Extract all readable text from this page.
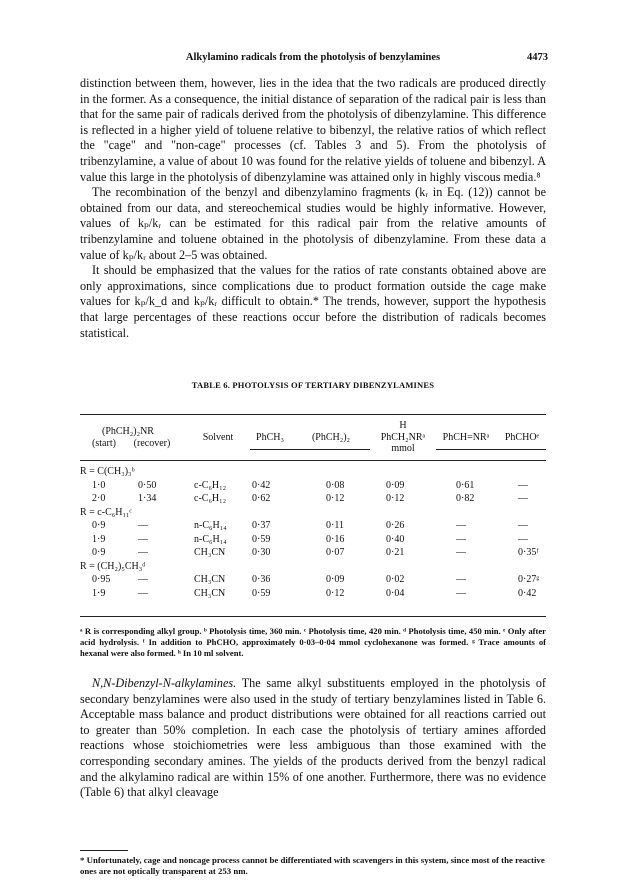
Alkylamino radicals from the photolysis of benzylamines	4473

distinction between them, however, lies in the idea that the two radicals are produced directly in the former. As a consequence, the initial distance of separation of the radical pair is less than that for the same pair of radicals derived from the photolysis of dibenzylamine. This difference is reflected in a higher yield of toluene relative to bibenzyl, the relative ratios of which reflect the "cage" and "non-cage" processes (cf. Tables 3 and 5). From the photolysis of tribenzylamine, a value of about 10 was found for the relative yields of toluene and bibenzyl. A value this large in the photolysis of dibenzylamine was attained only in highly viscous media.⁸

The recombination of the benzyl and dibenzylamino fragments (kᵣ in Eq. (12)) cannot be obtained from our data, and stereochemical studies would be highly informative. However, values of kₚ/kᵣ can be estimated for this radical pair from the relative amounts of tribenzylamine and toluene obtained in the photolysis of dibenzylamine. From these data a value of kₚ/kᵣ about 2–5 was obtained.

It should be emphasized that the values for the ratios of rate constants obtained above are only approximations, since complications due to product formation outside the cage make values for kₚ/k_d and kₚ/kᵣ difficult to obtain.* The trends, however, support the hypothesis that large percentages of these reactions occur before the distribution of radicals becomes statistical.

TABLE 6. PHOTOLYSIS OF TERTIARY DIBENZYLAMINES
(PhCH₂)₂NR
(start)	(recover)
Solvent	PhCH₃	(PhCH₂)₂
H
PhCH₂NRᵃ	PhCH=NRᵃ	PhCHOᵉ
mmol
R = C(CH₃)₃ᵇ
1·0	0·50	c-C₆H₁₂	0·42	0·08	0·09	0·61	—
2·0	1·34	c-C₆H₁₂	0·62	0·12	0·12	0·82	—
R = c-C₆H₁₁ᶜ
0·9	—	n-C₆H₁₄	0·37	0·11	0·26	—	—
1·9	—	n-C₆H₁₄	0·59	0·16	0·40	—	—
0·9	—	CH₃CN	0·30	0·07	0·21	—	0·35ᶠ
R = (CH₂)₅CH₃ᵈ
0·95	—	CH₃CN	0·36	0·09	0·02	—	0·27ᵍ
1·9	—	CH₃CN	0·59	0·12	0·04	—	0·42
ᵃ R is corresponding alkyl group. ᵇ Photolysis time, 360 min. ᶜ Photolysis time, 420 min. ᵈ Photolysis time, 450 min. ᵉ Only after acid hydrolysis. ᶠ In addition to PhCHO, approximately 0·03–0·04 mmol cyclohexanone was formed. ᵍ Trace amounts of hexanal were also formed. ʰ In 10 ml solvent.

N,N-Dibenzyl-N-alkylamines. The same alkyl substituents employed in the photolysis of secondary benzylamines were also used in the study of tertiary benzylamines listed in Table 6. Acceptable mass balance and product distributions were obtained for all reactions carried out to greater than 50% completion. In each case the photolysis of tertiary amines afforded reactions whose stoichiometries were less ambiguous than those examined with the corresponding secondary amines. The yields of the products derived from the benzyl radical and the alkylamino radical are within 15% of one another. Furthermore, there was no evidence (Table 6) that alkyl cleavage

* Unfortunately, cage and noncage process cannot be differentiated with scavengers in this system, since most of the reactive ones are not optically transparent at 253 nm.
